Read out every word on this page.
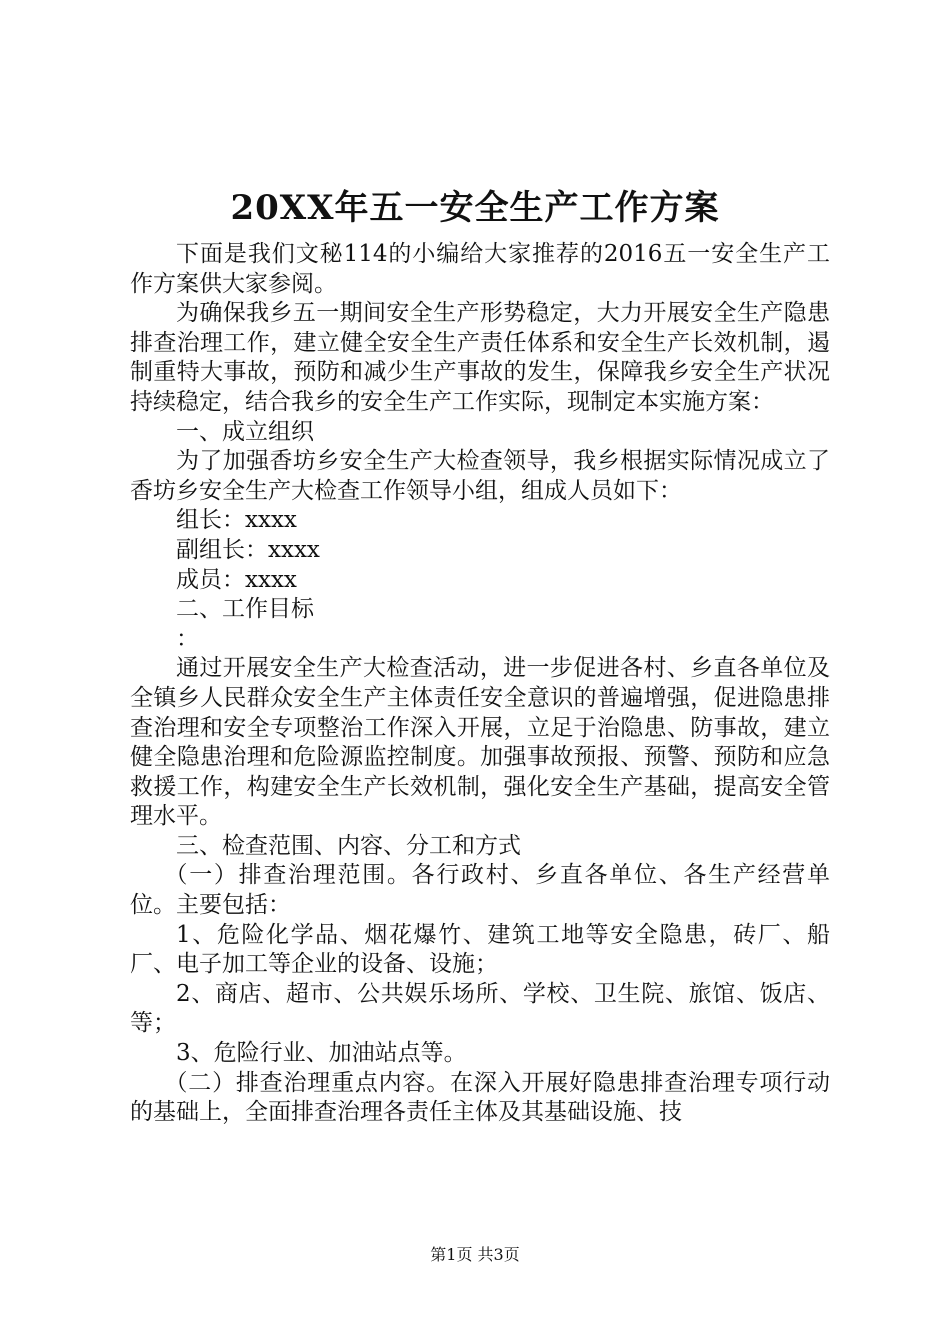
20XX年五一安全生产工作方案

下面是我们文秘114的小编给大家推荐的2016五一安全生产工作方案供大家参阅。

为确保我乡五一期间安全生产形势稳定，大力开展安全生产隐患排查治理工作，建立健全安全生产责任体系和安全生产长效机制，遏制重特大事故，预防和减少生产事故的发生，保障我乡安全生产状况持续稳定，结合我乡的安全生产工作实际，现制定本实施方案：

一、成立组织

为了加强香坊乡安全生产大检查领导，我乡根据实际情况成立了香坊乡安全生产大检查工作领导小组，组成人员如下：

组长：xxxx

副组长：xxxx

成员：xxxx

二、工作目标

：

通过开展安全生产大检查活动，进一步促进各村、乡直各单位及全镇乡人民群众安全生产主体责任安全意识的普遍增强，促进隐患排查治理和安全专项整治工作深入开展，立足于治隐患、防事故，建立健全隐患治理和危险源监控制度。加强事故预报、预警、预防和应急救援工作，构建安全生产长效机制，强化安全生产基础，提高安全管理水平。

三、检查范围、内容、分工和方式

（一）排查治理范围。各行政村、乡直各单位、各生产经营单位。主要包括：

1、危险化学品、烟花爆竹、建筑工地等安全隐患，砖厂、船厂、电子加工等企业的设备、设施；

2、商店、超市、公共娱乐场所、学校、卫生院、旅馆、饭店、等；

3、危险行业、加油站点等。

（二）排查治理重点内容。在深入开展好隐患排查治理专项行动的基础上，全面排查治理各责任主体及其基础设施、技

第1页 共3页
